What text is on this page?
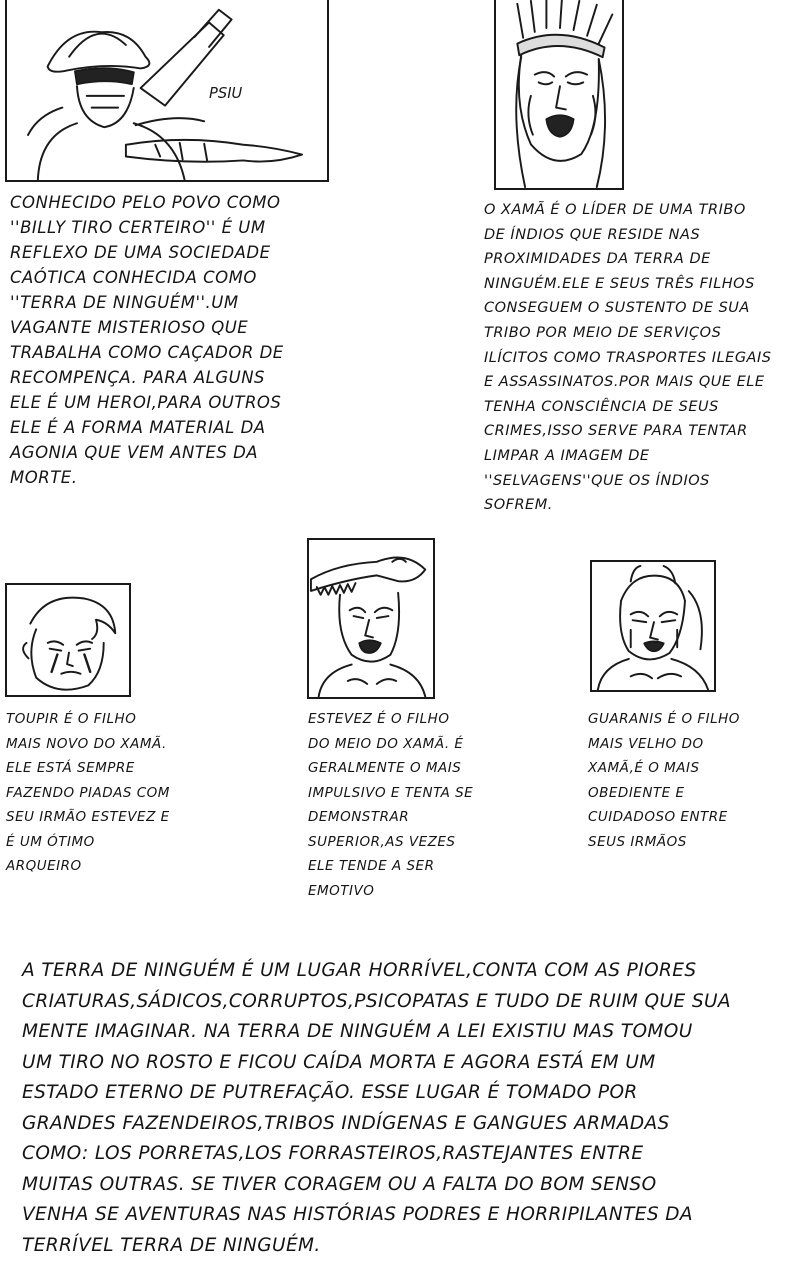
PSIU

CONHECIDO PELO POVO COMO
''BILLY TIRO CERTEIRO'' É UM
REFLEXO DE UMA SOCIEDADE
CAÓTICA CONHECIDA COMO
''TERRA DE NINGUÉM''.UM
VAGANTE MISTERIOSO QUE
TRABALHA COMO CAÇADOR DE
RECOMPENÇA. PARA ALGUNS
ELE É UM HEROI,PARA OUTROS
ELE É A FORMA MATERIAL DA
AGONIA QUE VEM ANTES DA
MORTE.

O XAMÃ É O LÍDER DE UMA TRIBO
DE ÍNDIOS QUE RESIDE NAS
PROXIMIDADES DA TERRA DE
NINGUÉM.ELE E SEUS TRÊS FILHOS
CONSEGUEM O SUSTENTO DE SUA
TRIBO POR MEIO DE SERVIÇOS
ILÍCITOS COMO TRASPORTES ILEGAIS
E ASSASSINATOS.POR MAIS QUE ELE
TENHA CONSCIÊNCIA DE SEUS
CRIMES,ISSO SERVE PARA TENTAR
LIMPAR A IMAGEM DE
''SELVAGENS''QUE OS ÍNDIOS
SOFREM.

TOUPIR É O FILHO
MAIS NOVO DO XAMÃ.
ELE ESTÁ SEMPRE
FAZENDO PIADAS COM
SEU IRMÃO ESTEVEZ E
É UM ÓTIMO
ARQUEIRO

ESTEVEZ É O FILHO
DO MEIO DO XAMÃ. É
GERALMENTE O MAIS
IMPULSIVO E TENTA SE
DEMONSTRAR
SUPERIOR,AS VEZES
ELE TENDE A SER
EMOTIVO

GUARANIS É O FILHO
MAIS VELHO DO
XAMÃ,É O MAIS
OBEDIENTE E
CUIDADOSO ENTRE
SEUS IRMÃOS

A TERRA DE NINGUÉM É UM LUGAR HORRÍVEL,CONTA COM AS PIORES
CRIATURAS,SÁDICOS,CORRUPTOS,PSICOPATAS E TUDO DE RUIM QUE SUA
MENTE IMAGINAR. NA TERRA DE NINGUÉM A LEI EXISTIU MAS TOMOU
UM TIRO NO ROSTO E FICOU CAÍDA MORTA E AGORA ESTÁ EM UM
ESTADO ETERNO DE PUTREFAÇÃO. ESSE LUGAR É TOMADO POR
GRANDES FAZENDEIROS,TRIBOS INDÍGENAS E GANGUES ARMADAS
COMO: LOS PORRETAS,LOS FORRASTEIROS,RASTEJANTES ENTRE
MUITAS OUTRAS. SE TIVER CORAGEM OU A FALTA DO BOM SENSO
VENHA SE AVENTURAS NAS HISTÓRIAS PODRES E HORRIPILANTES DA
TERRÍVEL TERRA DE NINGUÉM.
